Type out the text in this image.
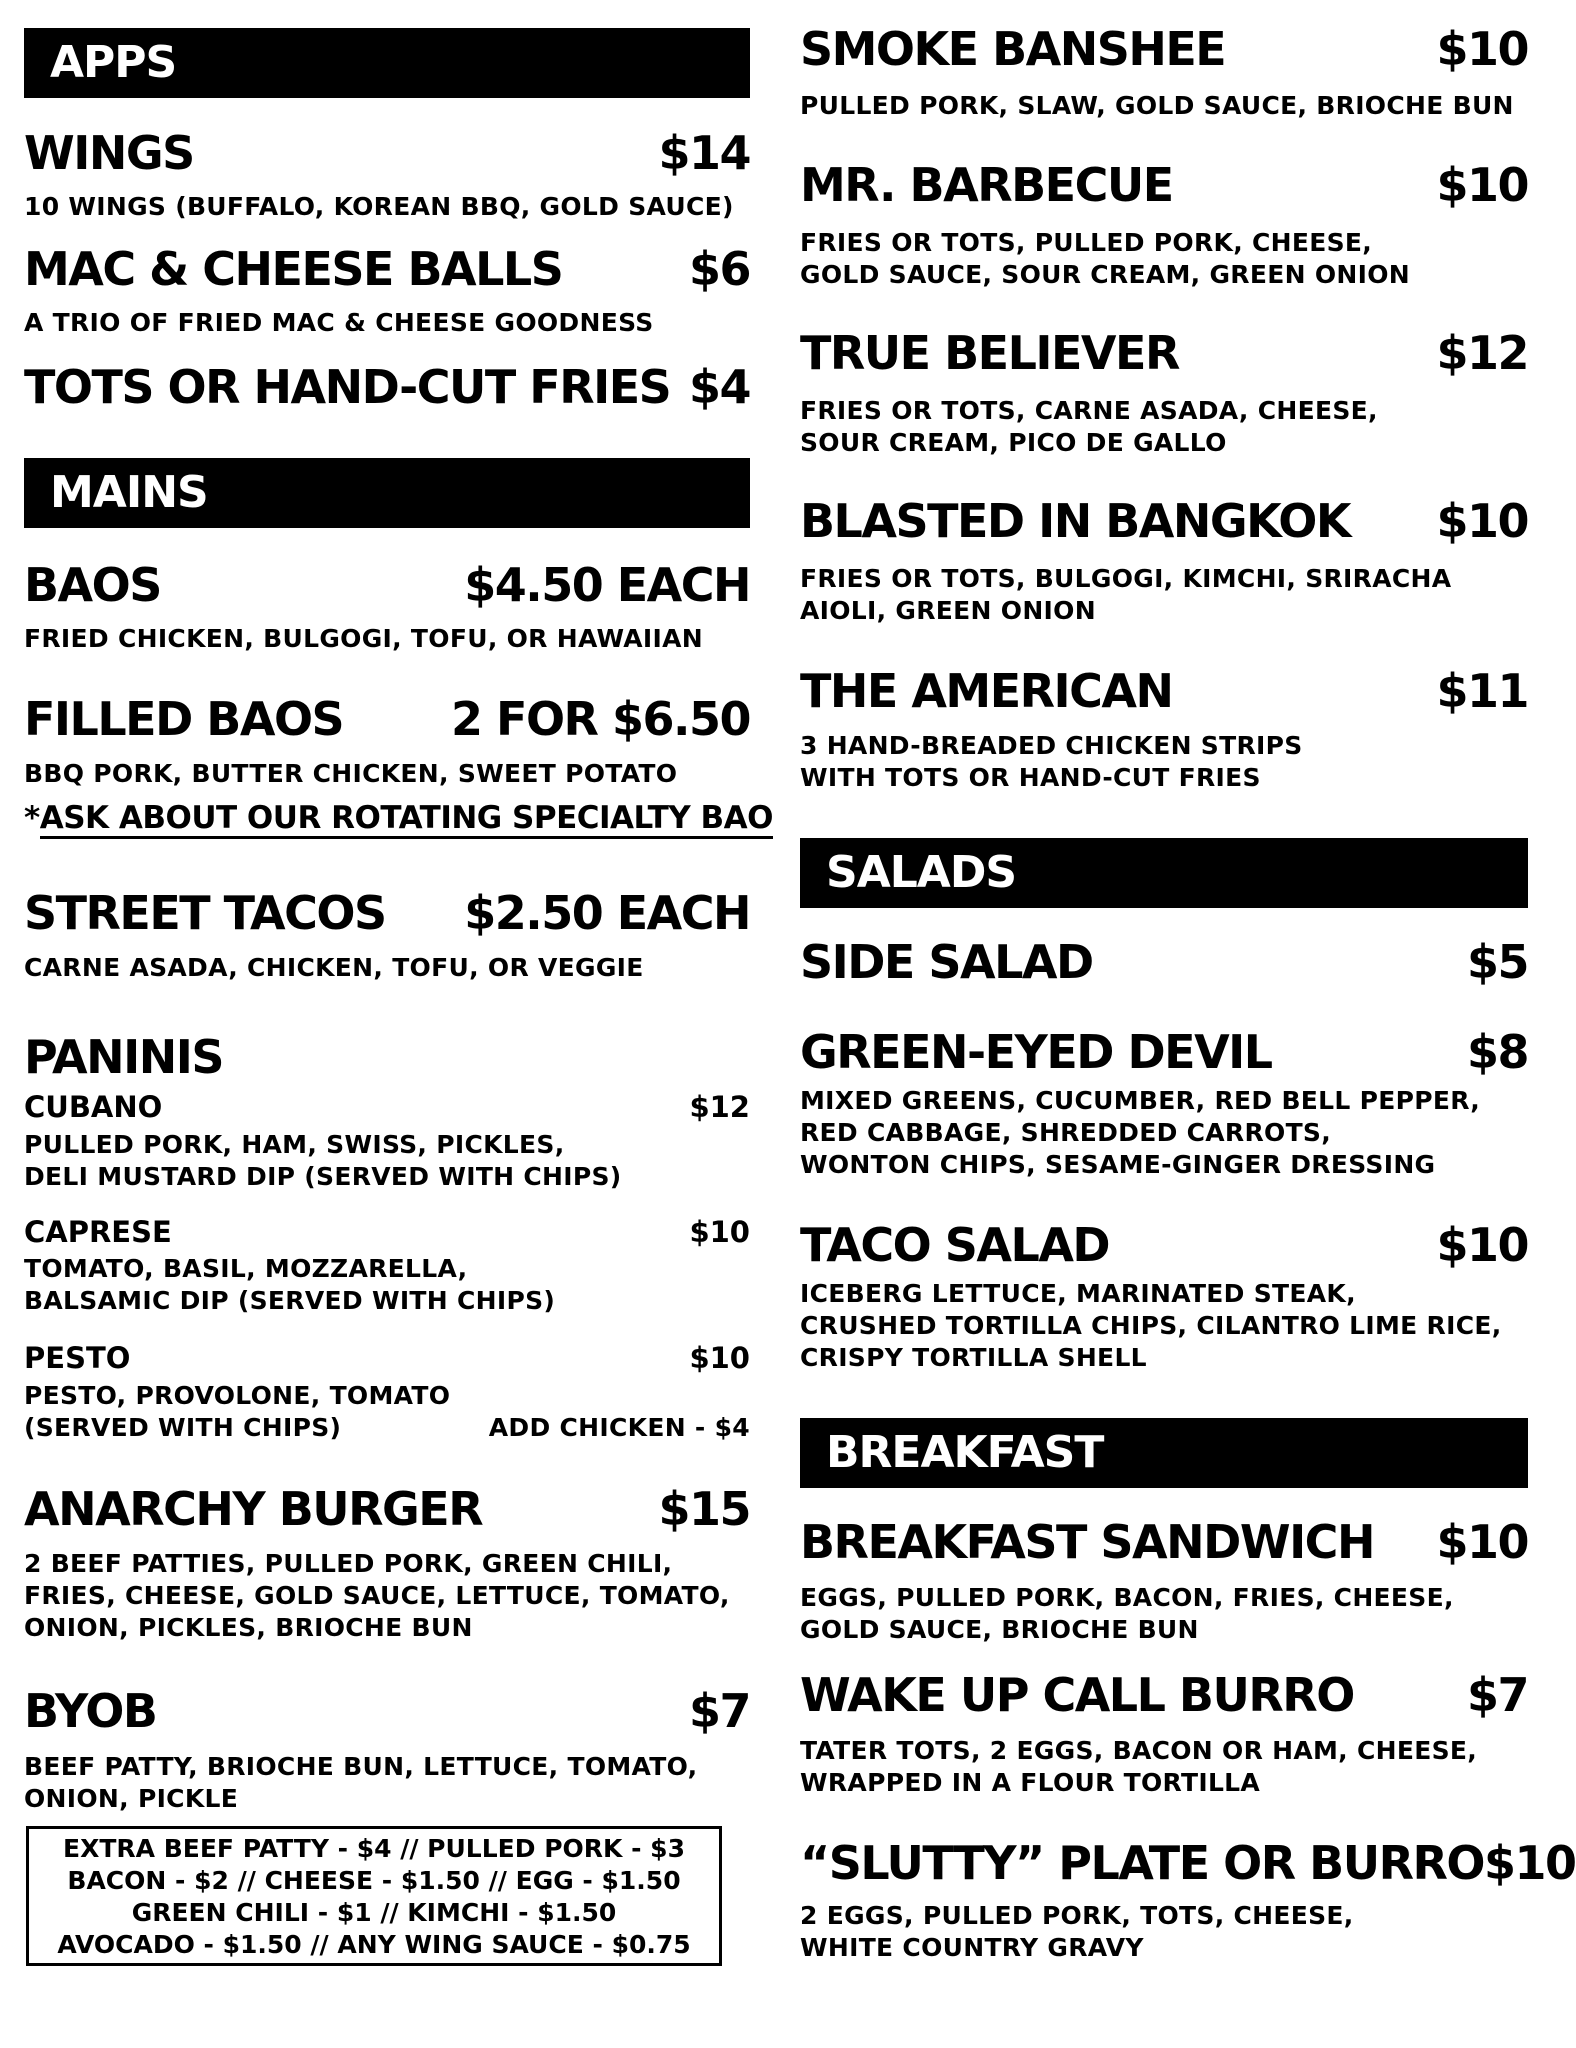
APPS
WINGS	$14
10 WINGS (BUFFALO, KOREAN BBQ, GOLD SAUCE)
MAC & CHEESE BALLS	$6
A TRIO OF FRIED MAC & CHEESE GOODNESS
TOTS OR HAND-CUT FRIES $4
MAINS
BAOS	$4.50 EACH
FRIED CHICKEN, BULGOGI, TOFU, OR HAWAIIAN
FILLED BAOS 2 FOR $6.50
BBQ PORK, BUTTER CHICKEN, SWEET POTATO
*ASK ABOUT OUR ROTATING SPECIALTY BAO
STREET TACOS $2.50 EACH
CARNE ASADA, CHICKEN, TOFU, OR VEGGIE
PANINIS
CUBANO	$12
PULLED PORK, HAM, SWISS, PICKLES,
DELI MUSTARD DIP (SERVED WITH CHIPS)
CAPRESE	$10
TOMATO, BASIL, MOZZARELLA,
BALSAMIC DIP (SERVED WITH CHIPS)
PESTO	$10
PESTO, PROVOLONE, TOMATO
(SERVED WITH CHIPS)	ADD CHICKEN - $4
ANARCHY BURGER	$15
2 BEEF PATTIES, PULLED PORK, GREEN CHILI,
FRIES, CHEESE, GOLD SAUCE, LETTUCE, TOMATO,
ONION, PICKLES, BRIOCHE BUN
BYOB	$7
BEEF PATTY, BRIOCHE BUN, LETTUCE, TOMATO,
ONION, PICKLE
EXTRA BEEF PATTY - $4 // PULLED PORK - $3
BACON - $2 // CHEESE - $1.50 // EGG - $1.50
GREEN CHILI - $1 // KIMCHI - $1.50
AVOCADO - $1.50 // ANY WING SAUCE - $0.75
SMOKE BANSHEE	$10
PULLED PORK, SLAW, GOLD SAUCE, BRIOCHE BUN
MR. BARBECUE	$10
FRIES OR TOTS, PULLED PORK, CHEESE,
GOLD SAUCE, SOUR CREAM, GREEN ONION
TRUE BELIEVER	$12
FRIES OR TOTS, CARNE ASADA, CHEESE,
SOUR CREAM, PICO DE GALLO
BLASTED IN BANGKOK $10
FRIES OR TOTS, BULGOGI, KIMCHI, SRIRACHA
AIOLI, GREEN ONION
THE AMERICAN	$11
3 HAND-BREADED CHICKEN STRIPS
WITH TOTS OR HAND-CUT FRIES
SALADS
SIDE SALAD	$5
GREEN-EYED DEVIL	$8
MIXED GREENS, CUCUMBER, RED BELL PEPPER,
RED CABBAGE, SHREDDED CARROTS,
WONTON CHIPS, SESAME-GINGER DRESSING
TACO SALAD	$10
ICEBERG LETTUCE, MARINATED STEAK,
CRUSHED TORTILLA CHIPS, CILANTRO LIME RICE,
CRISPY TORTILLA SHELL
BREAKFAST
BREAKFAST SANDWICH $10
EGGS, PULLED PORK, BACON, FRIES, CHEESE,
GOLD SAUCE, BRIOCHE BUN
WAKE UP CALL BURRO $7
TATER TOTS, 2 EGGS, BACON OR HAM, CHEESE,
WRAPPED IN A FLOUR TORTILLA
“SLUTTY” PLATE OR BURRO $10
2 EGGS, PULLED PORK, TOTS, CHEESE,
WHITE COUNTRY GRAVY
